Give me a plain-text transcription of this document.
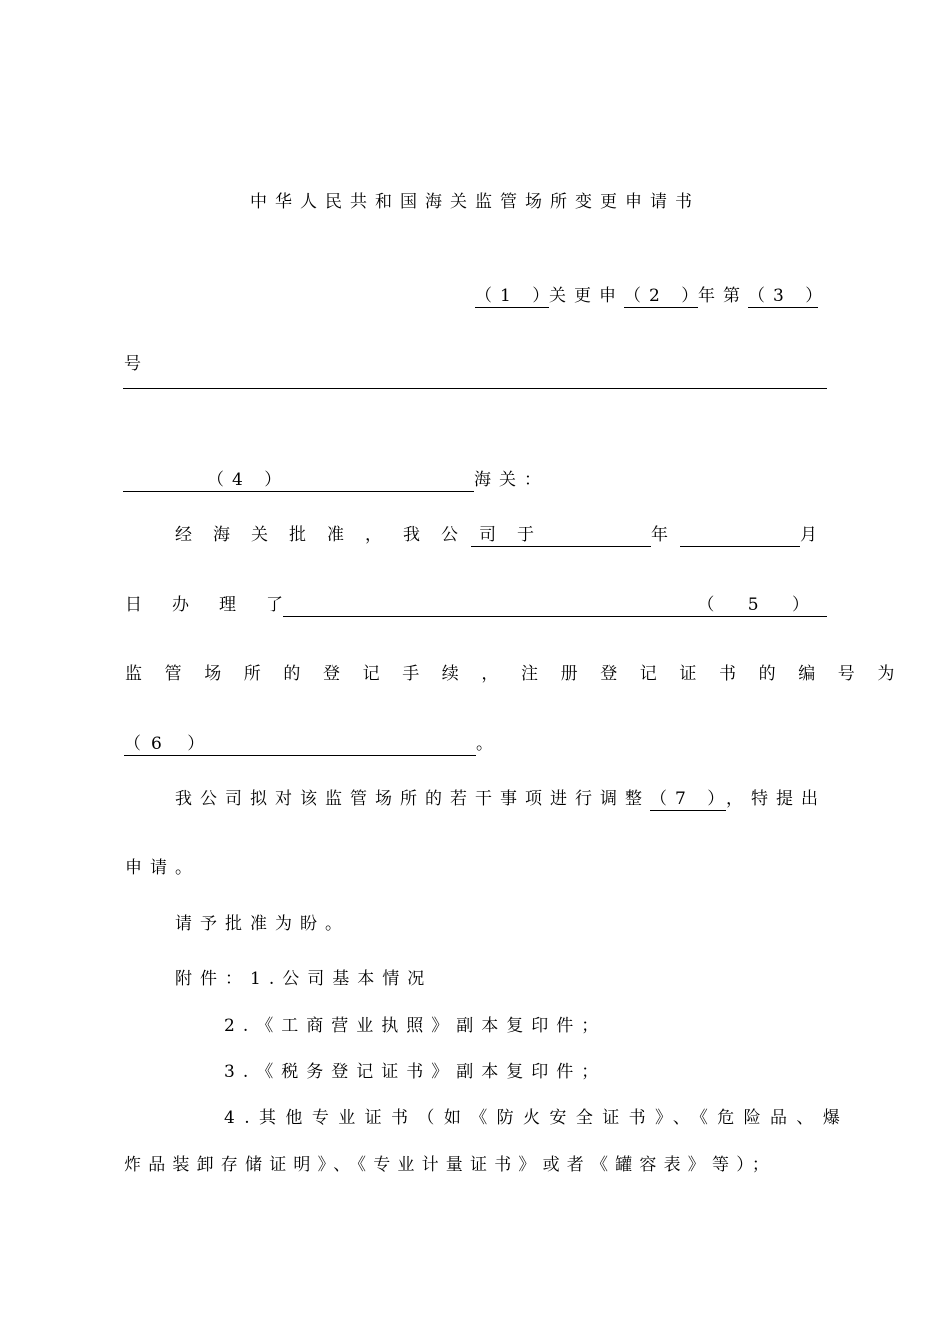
中华人民共和国海关监管场所变更申请书
（1 ）关更申（2 ）年第（3 ）
号
（4 ）	海关：
经海关批准，我公司于	年	月
日办理了	（ 5 ）
监管场所的登记手续，注册登记证书的编号为
（6 ）	。
我公司拟对该监管场所的若干事项进行调整（7 ），特提出
申请。
请予批准为盼。
附件：1.公司基本情况
2.《工商营业执照》副本复印件；
3.《税务登记证书》副本复印件；
4.其他专业证书（如《防火安全证书》、《危险品、爆
炸品装卸存储证明》、《专业计量证书》或者《罐容表》等）；
